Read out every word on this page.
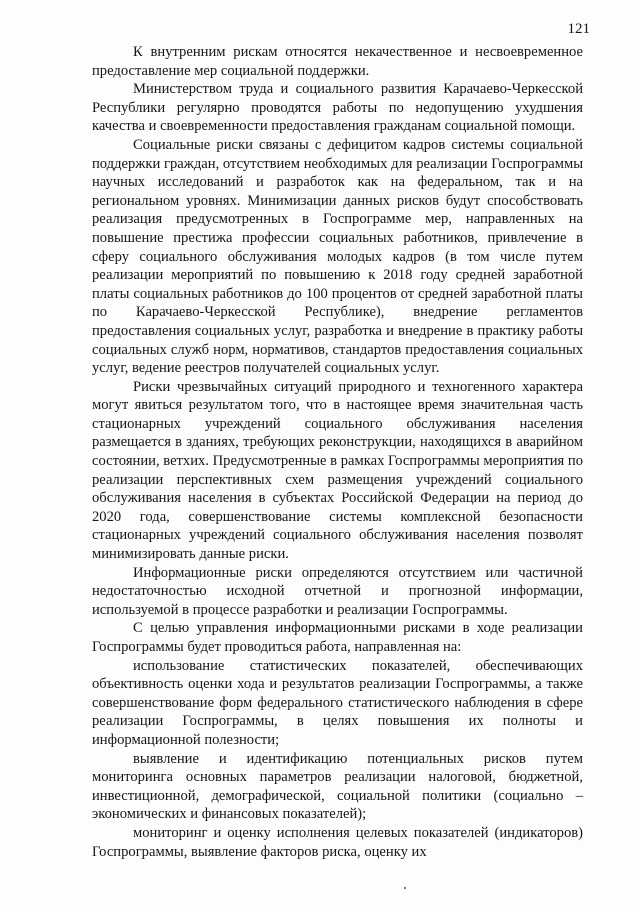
121

К внутренним рискам относятся некачественное и несвоевременное предоставление мер социальной поддержки.

Министерством труда и социального развития Карачаево-Черкесской Республики регулярно проводятся работы по недопущению ухудшения качества и своевременности предоставления гражданам социальной помощи.

Социальные риски связаны с дефицитом кадров системы социальной поддержки граждан, отсутствием необходимых для реализации Госпрограммы научных исследований и разработок как на федеральном, так и на региональном уровнях. Минимизации данных рисков будут способствовать реализация предусмотренных в Госпрограмме мер, направленных на повышение престижа профессии социальных работников, привлечение в сферу социального обслуживания молодых кадров (в том числе путем реализации мероприятий по повышению к 2018 году средней заработной платы социальных работников до 100 процентов от средней заработной платы по Карачаево-Черкесской Республике), внедрение регламентов предоставления социальных услуг, разработка и внедрение в практику работы социальных служб норм, нормативов, стандартов предоставления социальных услуг, ведение реестров получателей социальных услуг.

Риски чрезвычайных ситуаций природного и техногенного характера могут явиться результатом того, что в настоящее время значительная часть стационарных учреждений социального обслуживания населения размещается в зданиях, требующих реконструкции, находящихся в аварийном состоянии, ветхих. Предусмотренные в рамках Госпрограммы мероприятия по реализации перспективных схем размещения учреждений социального обслуживания населения в субъектах Российской Федерации на период до 2020 года, совершенствование системы комплексной безопасности стационарных учреждений социального обслуживания населения позволят минимизировать данные риски.

Информационные риски определяются отсутствием или частичной недостаточностью исходной отчетной и прогнозной информации, используемой в процессе разработки и реализации Госпрограммы.

С целью управления информационными рисками в ходе реализации Госпрограммы будет проводиться работа, направленная на:

использование статистических показателей, обеспечивающих объективность оценки хода и результатов реализации Госпрограммы, а также совершенствование форм федерального статистического наблюдения в сфере реализации Госпрограммы, в целях повышения их полноты и информационной полезности;

выявление и идентификацию потенциальных рисков путем мониторинга основных параметров реализации налоговой, бюджетной, инвестиционной, демографической, социальной политики (социально – экономических и финансовых показателей);

мониторинг и оценку исполнения целевых показателей (индикаторов) Госпрограммы, выявление факторов риска, оценку их
